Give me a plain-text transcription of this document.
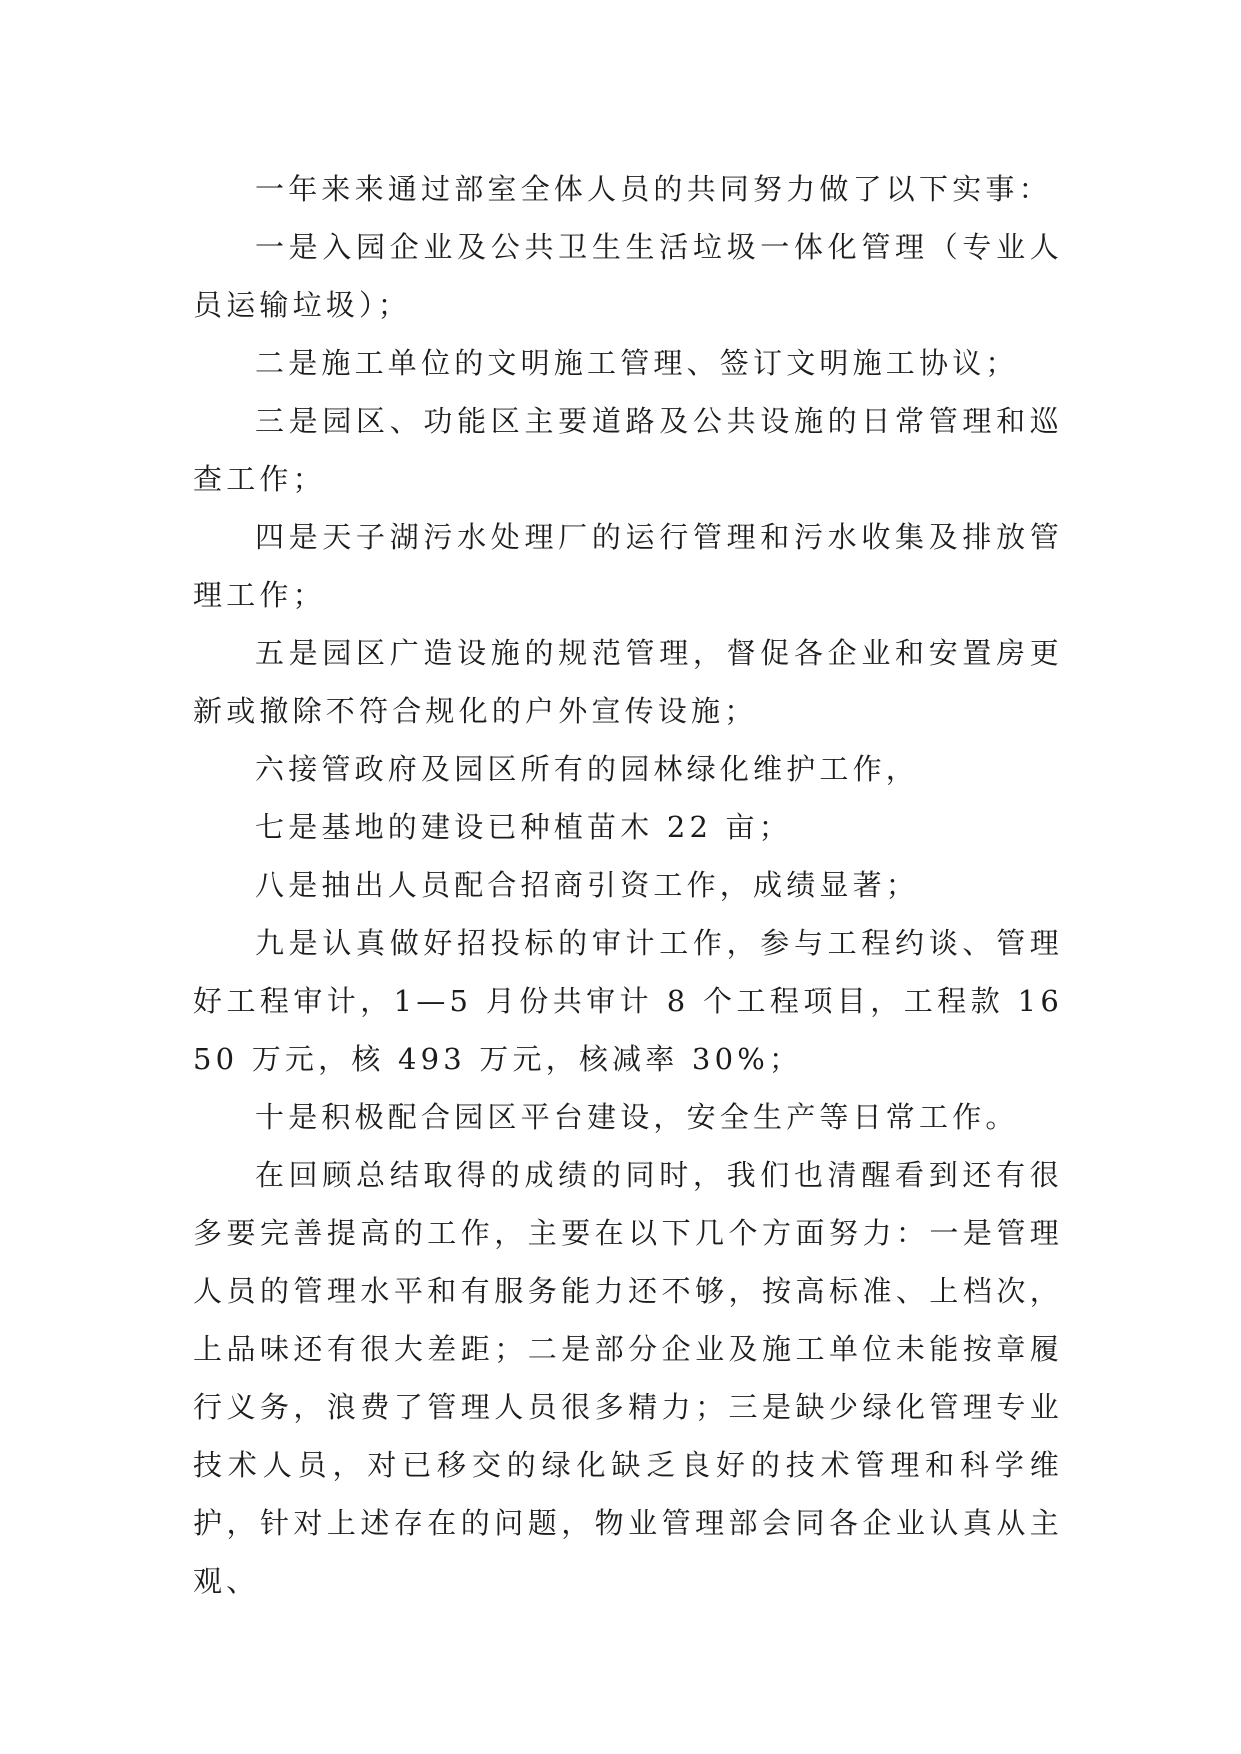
一年来来通过部室全体人员的共同努力做了以下实事：

一是入园企业及公共卫生生活垃圾一体化管理（专业人员运输垃圾）；

二是施工单位的文明施工管理、签订文明施工协议；

三是园区、功能区主要道路及公共设施的日常管理和巡查工作；

四是天子湖污水处理厂的运行管理和污水收集及排放管理工作；

五是园区广造设施的规范管理，督促各企业和安置房更新或撤除不符合规化的户外宣传设施；

六接管政府及园区所有的园林绿化维护工作，

七是基地的建设已种植苗木 22 亩；

八是抽出人员配合招商引资工作，成绩显著；

九是认真做好招投标的审计工作，参与工程约谈、管理好工程审计，1—5 月份共审计 8 个工程项目，工程款 1650 万元，核 493 万元，核减率 30%；

十是积极配合园区平台建设，安全生产等日常工作。

在回顾总结取得的成绩的同时，我们也清醒看到还有很多要完善提高的工作，主要在以下几个方面努力：一是管理人员的管理水平和有服务能力还不够，按高标准、上档次，上品味还有很大差距；二是部分企业及施工单位未能按章履行义务，浪费了管理人员很多精力；三是缺少绿化管理专业技术人员，对已移交的绿化缺乏良好的技术管理和科学维护，针对上述存在的问题，物业管理部会同各企业认真从主观、
